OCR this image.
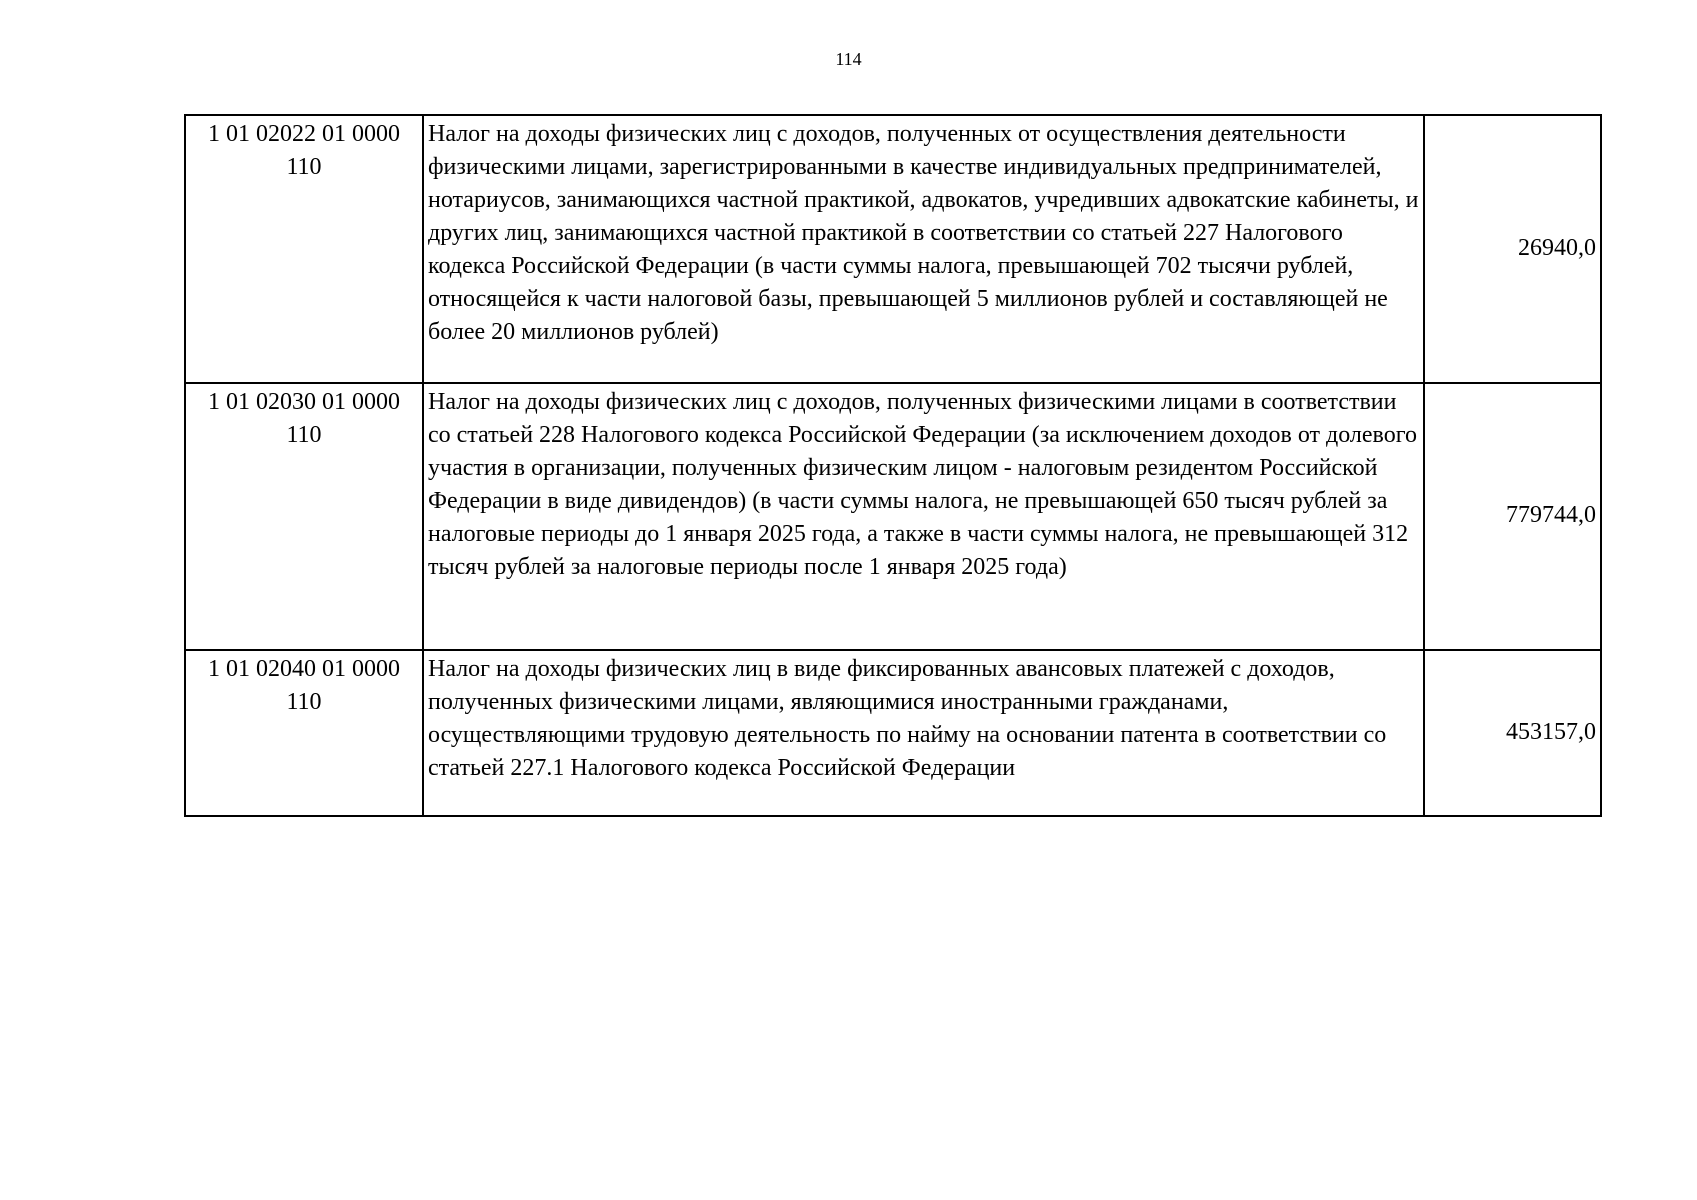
114
1 01 02022 01 0000 110	Налог на доходы физических лиц с доходов, полученных от осуществления деятельности физическими лицами, зарегистрированными в качестве индивидуальных предпринимателей, нотариусов, занимающихся частной практикой, адвокатов, учредивших адвокатские кабинеты, и других лиц, занимающихся частной практикой в соответствии со статьей 227 Налогового кодекса Российской Федерации (в части суммы налога, превышающей 702 тысячи рублей, относящейся к части налоговой базы, превышающей 5 миллионов рублей и составляющей не более 20 миллионов рублей)	26940,0
1 01 02030 01 0000 110	Налог на доходы физических лиц с доходов, полученных физическими лицами в соответствии со статьей 228 Налогового кодекса Российской Федерации (за исключением доходов от долевого участия в организации, полученных физическим лицом - налоговым резидентом Российской Федерации в виде дивидендов) (в части суммы налога, не превышающей 650 тысяч рублей за налоговые периоды до 1 января 2025 года, а также в части суммы налога, не превышающей 312 тысяч рублей за налоговые периоды после 1 января 2025 года)	779744,0
1 01 02040 01 0000 110	Налог на доходы физических лиц в виде фиксированных авансовых платежей с доходов, полученных физическими лицами, являющимися иностранными гражданами, осуществляющими трудовую деятельность по найму на основании патента в соответствии со статьей 227.1 Налогового кодекса Российской Федерации	453157,0
